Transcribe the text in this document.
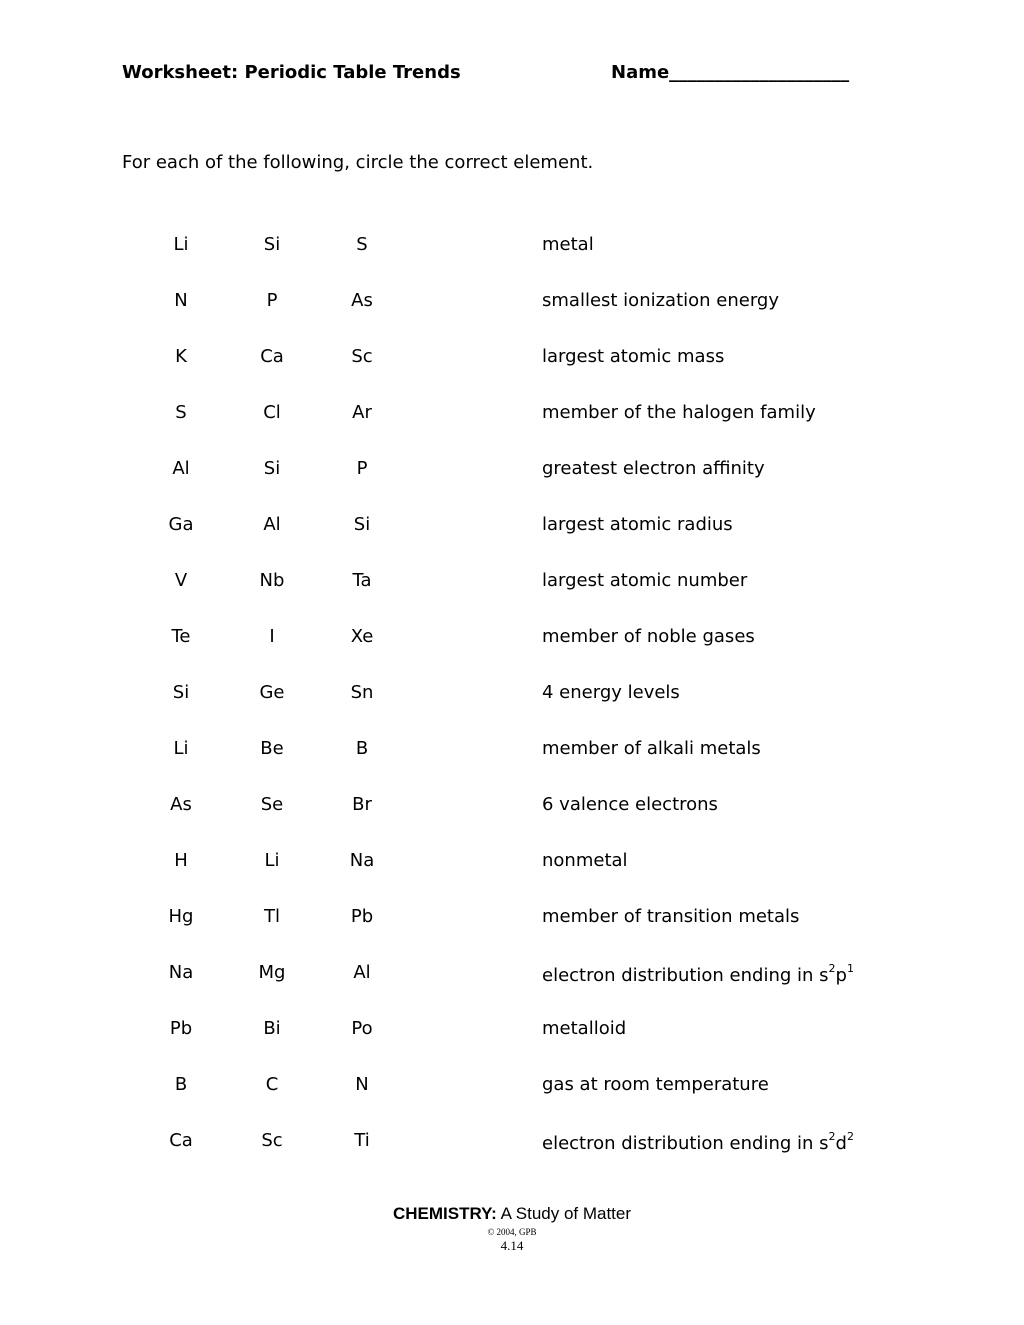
Worksheet: Periodic Table Trends	Name____________________
For each of the following, circle the correct element.
Li	Si	S	metal
N	P	As	smallest ionization energy
K	Ca	Sc	largest atomic mass
S	Cl	Ar	member of the halogen family
Al	Si	P	greatest electron affinity
Ga	Al	Si	largest atomic radius
V	Nb	Ta	largest atomic number
Te	I	Xe	member of noble gases
Si	Ge	Sn	4 energy levels
Li	Be	B	member of alkali metals
As	Se	Br	6 valence electrons
H	Li	Na	nonmetal
Hg	Tl	Pb	member of transition metals
Na	Mg	Al	electron distribution ending in $s^2p^1$
Pb	Bi	Po	metalloid
B	C	N	gas at room temperature
Ca	Sc	Ti	electron distribution ending in $s^2d^2$
CHEMISTRY: A Study of Matter
© 2004, GPB
4.14
